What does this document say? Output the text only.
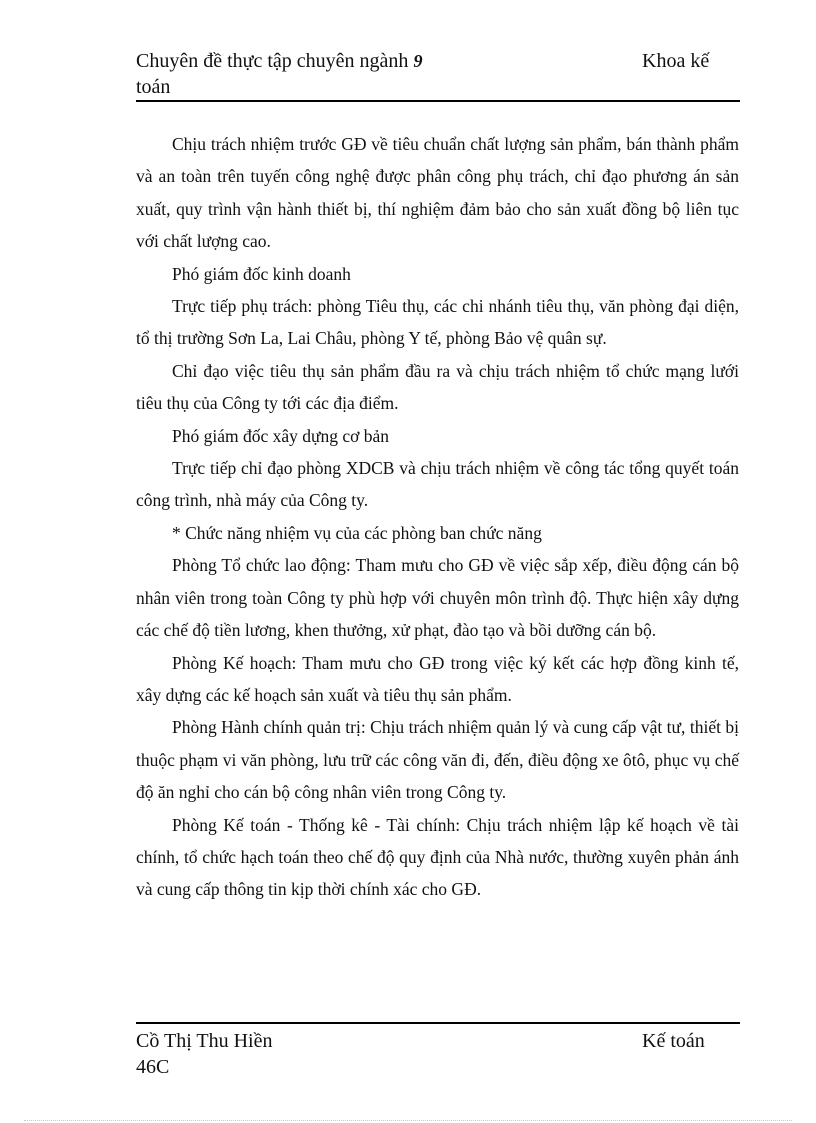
Chuyên đề thực tập chuyên ngành 9
toán
Khoa kế

Chịu trách nhiệm trước GĐ về tiêu chuẩn chất lượng sản phẩm, bán thành phẩm và an toàn trên tuyến công nghệ được phân công phụ trách, chỉ đạo phương án sản xuất, quy trình vận hành thiết bị, thí nghiệm đảm bảo cho sản xuất đồng bộ liên tục với chất lượng cao.

Phó giám đốc kinh doanh

Trực tiếp phụ trách: phòng Tiêu thụ, các chi nhánh tiêu thụ, văn phòng đại diện, tổ thị trường Sơn La, Lai Châu, phòng Y tế, phòng Bảo vệ quân sự.

Chỉ đạo việc tiêu thụ sản phẩm đầu ra và chịu trách nhiệm tổ chức mạng lưới tiêu thụ của Công ty tới các địa điểm.

Phó giám đốc xây dựng cơ bản

Trực tiếp chỉ đạo phòng XDCB và chịu trách nhiệm về công tác tổng quyết toán công trình, nhà máy của Công ty.

* Chức năng nhiệm vụ của các phòng ban chức năng

Phòng Tổ chức lao động: Tham mưu cho GĐ về việc sắp xếp, điều động cán bộ nhân viên trong toàn Công ty phù hợp với chuyên môn trình độ. Thực hiện xây dựng các chế độ tiền lương, khen thưởng, xử phạt, đào tạo và bồi dưỡng cán bộ.

Phòng Kế hoạch: Tham mưu cho GĐ trong việc ký kết các hợp đồng kinh tế, xây dựng các kế hoạch sản xuất và tiêu thụ sản phẩm.

Phòng Hành chính quản trị: Chịu trách nhiệm quản lý và cung cấp vật tư, thiết bị thuộc phạm vi văn phòng, lưu trữ các công văn đi, đến, điều động xe ôtô, phục vụ chế độ ăn nghỉ cho cán bộ công nhân viên trong Công ty.

Phòng Kế toán - Thống kê - Tài chính: Chịu trách nhiệm lập kế hoạch về tài chính, tổ chức hạch toán theo chế độ quy định của Nhà nước, thường xuyên phản ánh và cung cấp thông tin kịp thời chính xác cho GĐ.

Cồ Thị Thu Hiền
46C
Kế toán
